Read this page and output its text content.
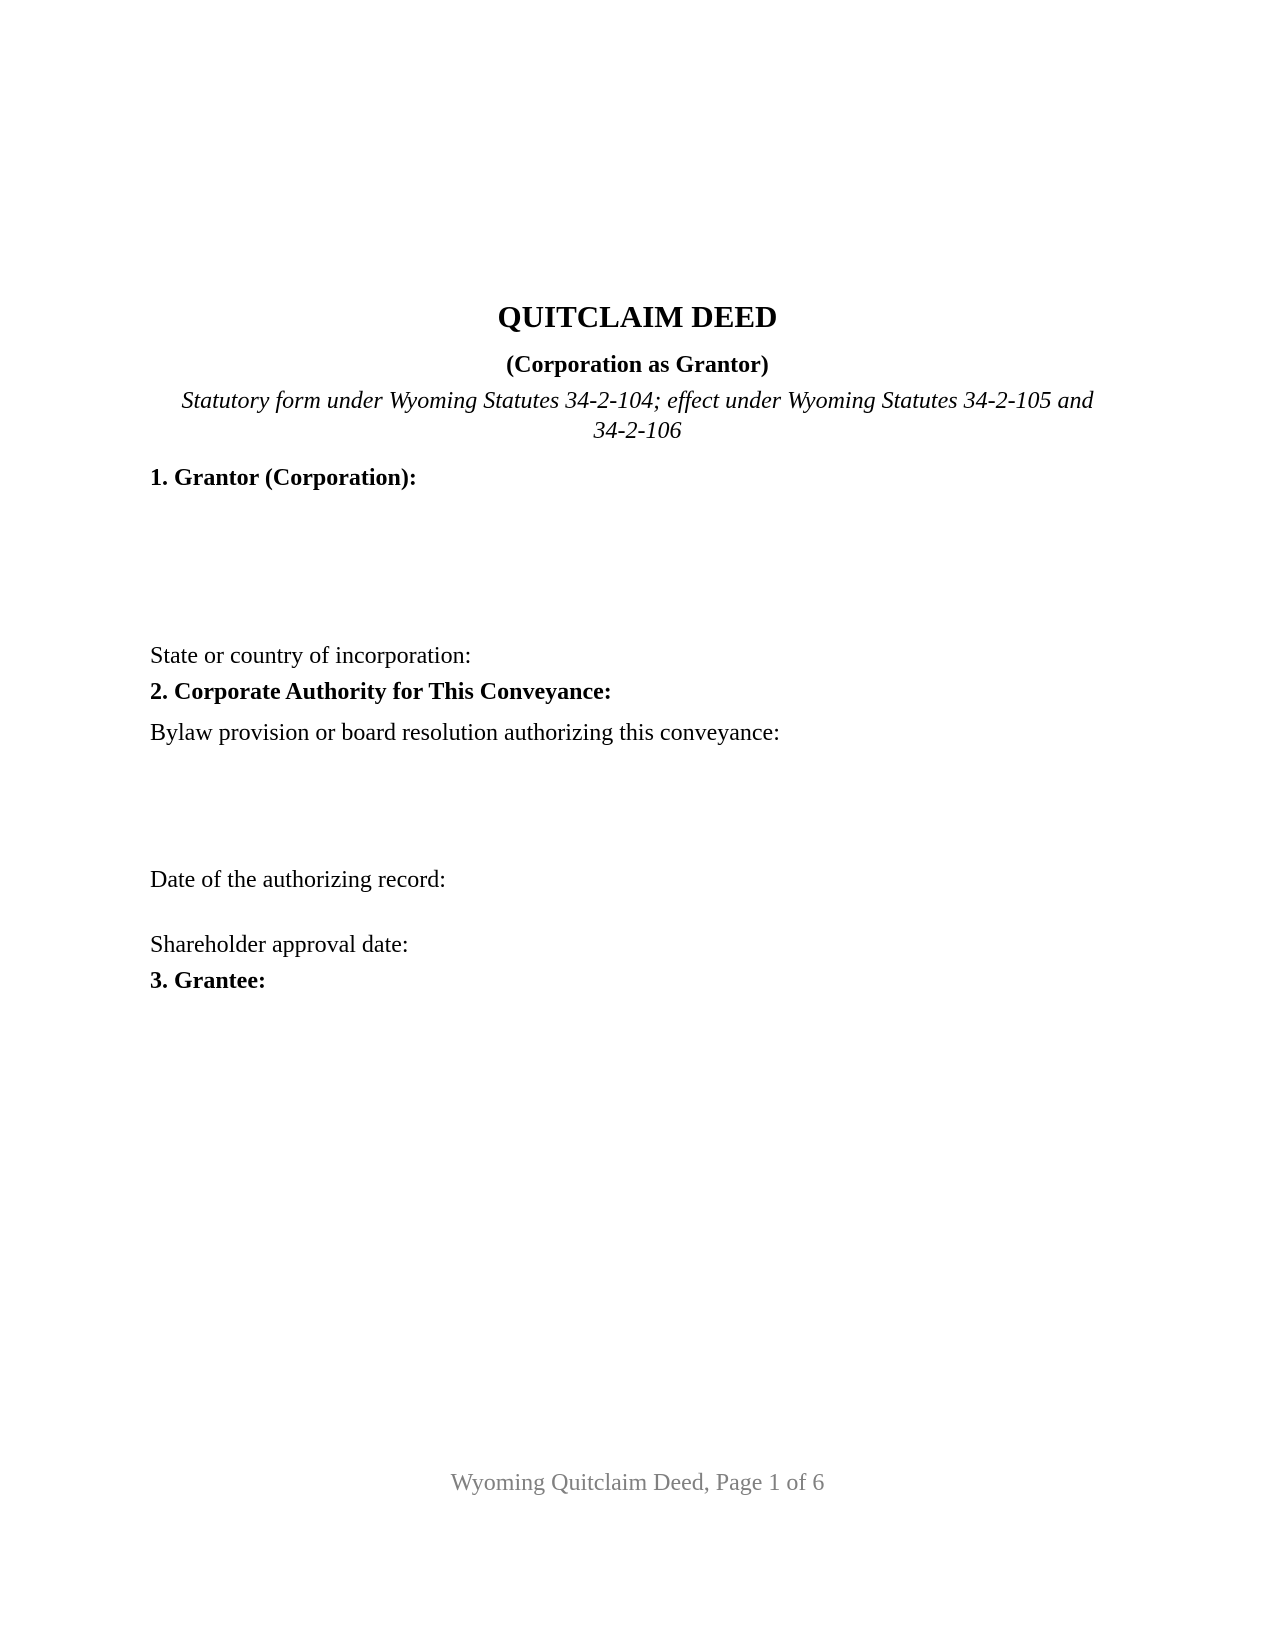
QUITCLAIM DEED
(Corporation as Grantor)
Statutory form under Wyoming Statutes 34-2-104; effect under Wyoming Statutes 34-2-105 and
34-2-106
1. Grantor (Corporation):
State or country of incorporation:
2. Corporate Authority for This Conveyance:
Bylaw provision or board resolution authorizing this conveyance:
Date of the authorizing record:
Shareholder approval date:
3. Grantee:
Wyoming Quitclaim Deed, Page 1 of 6
